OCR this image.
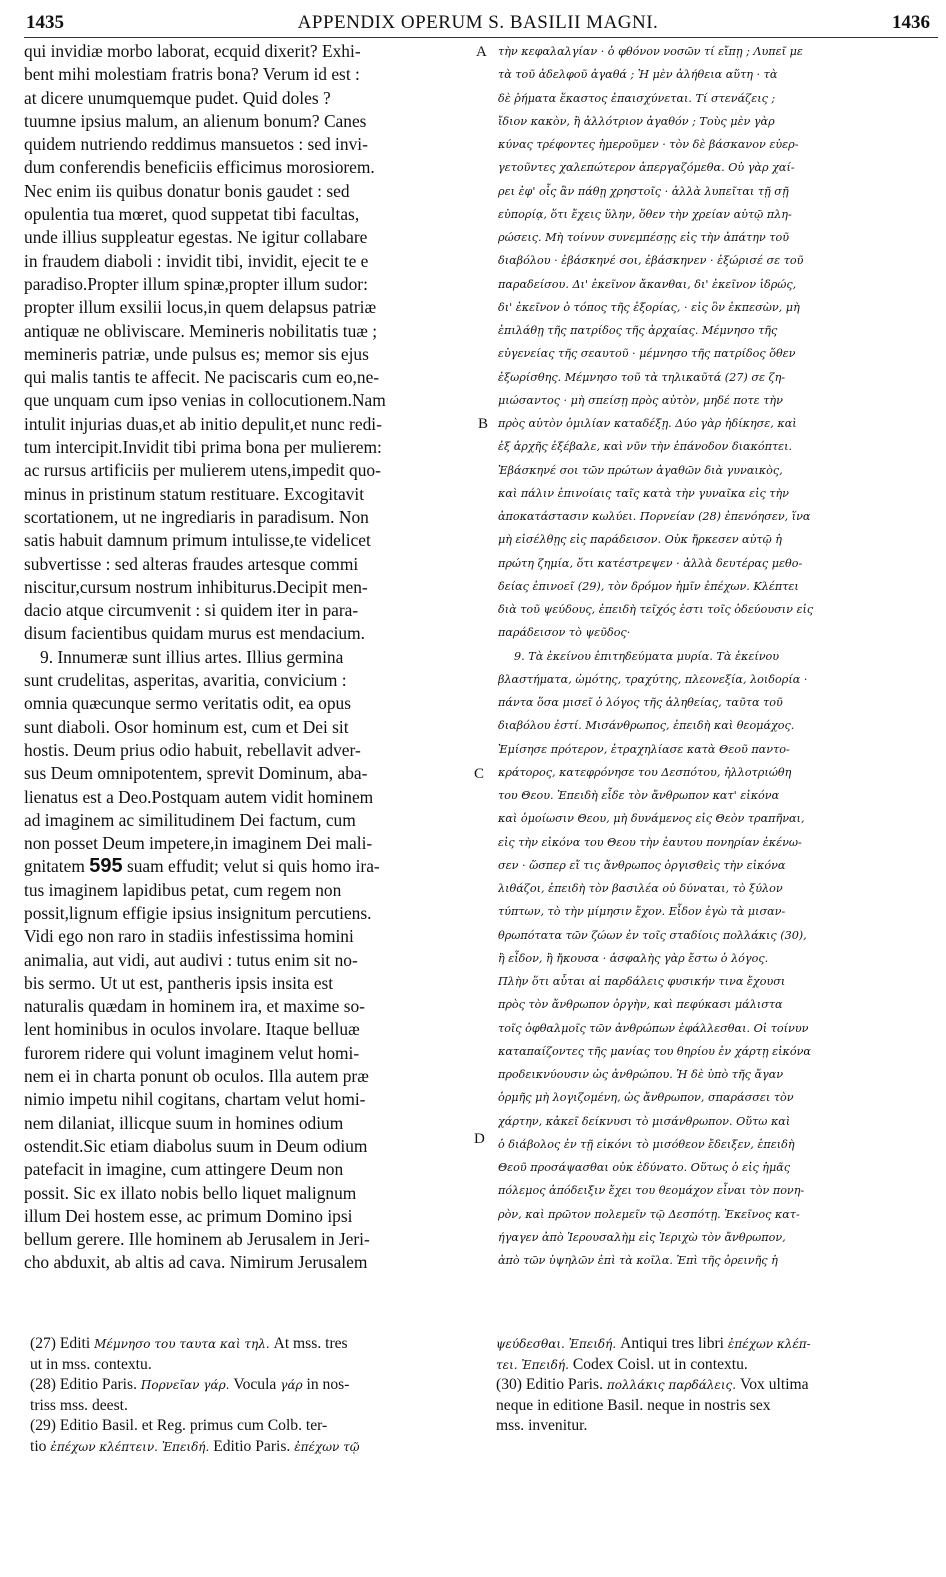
1435	APPENDIX OPERUM S. BASILII MAGNI.	1436
qui invidiæ morbo laborat, ecquid dixerit? Exhi-
bent mihi molestiam fratris bona? Verum id est :
at dicere unumquemque pudet. Quid doles ?
tuumne ipsius malum, an alienum bonum? Canes
quidem nutriendo reddimus mansuetos : sed invi-
dum conferendis beneficiis efficimus morosiorem.
Nec enim iis quibus donatur bonis gaudet : sed
opulentia tua mœret, quod suppetat tibi facultas,
unde illius suppleatur egestas. Ne igitur collabare
in fraudem diaboli : invidit tibi, invidit, ejecit te e
paradiso.Propter illum spinæ,propter illum sudor:
propter illum exsilii locus,in quem delapsus patriæ
antiquæ ne obliviscare. Memineris nobilitatis tuæ ;
memineris patriæ, unde pulsus es; memor sis ejus
qui malis tantis te affecit. Ne paciscaris cum eo,ne-
que unquam cum ipso venias in collocutionem.Nam
intulit injurias duas,et ab initio depulit,et nunc redi-
tum intercipit.Invidit tibi prima bona per mulierem:
ac rursus artificiis per mulierem utens,impedit quo-
minus in pristinum statum restituare. Excogitavit
scortationem, ut ne ingrediaris in paradisum. Non
satis habuit damnum primum intulisse,te videlicet
subvertisse : sed alteras fraudes artesque commi
niscitur,cursum nostrum inhibiturus.Decipit men-
dacio atque circumvenit : si quidem iter in para-
disum facientibus quidam murus est mendacium.
9. Innumeræ sunt illius artes. Illius germina
sunt crudelitas, asperitas, avaritia, convicium :
omnia quæcunque sermo veritatis odit, ea opus
sunt diaboli. Osor hominum est, cum et Dei sit
hostis. Deum prius odio habuit, rebellavit adver-
sus Deum omnipotentem, sprevit Dominum, aba-
lienatus est a Deo.Postquam autem vidit hominem
ad imaginem ac similitudinem Dei factum, cum
non posset Deum impetere,in imaginem Dei mali-
gnitatem 595 suam effudit; velut si quis homo ira-
tus imaginem lapidibus petat, cum regem non
possit,lignum effigie ipsius insignitum percutiens.
Vidi ego non raro in stadiis infestissima homini
animalia, aut vidi, aut audivi : tutus enim sit no-
bis sermo. Ut ut est, pantheris ipsis insita est
naturalis quædam in hominem ira, et maxime so-
lent hominibus in oculos involare. Itaque belluæ
furorem ridere qui volunt imaginem velut homi-
nem ei in charta ponunt ob oculos. Illa autem præ
nimio impetu nihil cogitans, chartam velut homi-
nem dilaniat, illicque suum in homines odium
ostendit.Sic etiam diabolus suum in Deum odium
patefacit in imagine, cum attingere Deum non
possit. Sic ex illato nobis bello liquet malignum
illum Dei hostem esse, ac primum Domino ipsi
bellum gerere. Ille hominem ab Jerusalem in Jeri-
cho abduxit, ab altis ad cava. Nimirum Jerusalem
A
B
C
D
τὴν κεφαλαλγίαν · ὁ φθόνον νοσῶν τί εἴπῃ ; Λυπεῖ με
τὰ τοῦ ἀδελφοῦ ἀγαθά ; Ἡ μὲν ἀλήθεια αὕτη · τὰ
δὲ ῥήματα ἕκαστος ἐπαισχύνεται. Τί στενάζεις ;
ἴδιον κακὸν, ἢ ἀλλότριον ἀγαθόν ; Τοὺς μὲν γὰρ
κύνας τρέφοντες ἡμεροῦμεν · τὸν δὲ βάσκανον εὐερ-
γετοῦντες χαλεπώτερον ἀπεργαζόμεθα. Οὐ γὰρ χαί-
ρει ἐφ' οἷς ἂν πάθῃ χρηστοῖς · ἀλλὰ λυπεῖται τῇ σῇ
εὐπορίᾳ, ὅτι ἔχεις ὕλην, ὅθεν τὴν χρείαν αὐτῷ πλη-
ρώσεις. Μὴ τοίνυν συνεμπέσῃς εἰς τὴν ἀπάτην τοῦ
διαβόλου · ἐβάσκηνέ σοι, ἐβάσκηνεν · ἐξώρισέ σε τοῦ
παραδείσου. Δι' ἐκεῖνον ἄκανθαι, δι' ἐκεῖνον ἱδρώς,
δι' ἐκεῖνον ὁ τόπος τῆς ἐξορίας, · εἰς ὃν ἐκπεσὼν, μὴ
ἐπιλάθῃ τῆς πατρίδος τῆς ἀρχαίας. Μέμνησο τῆς
εὐγενείας τῆς σεαυτοῦ · μέμνησο τῆς πατρίδος ὅθεν
ἐξωρίσθης. Μέμνησο τοῦ τὰ τηλικαῦτά (27) σε ζη-
μιώσαντος · μὴ σπείσῃ πρὸς αὐτὸν, μηδέ ποτε τὴν
πρὸς αὐτὸν ὁμιλίαν καταδέξῃ. Δύο γὰρ ἠδίκησε, καὶ
ἐξ ἀρχῆς ἐξέβαλε, καὶ νῦν τὴν ἐπάνοδον διακόπτει.
Ἐβάσκηνέ σοι τῶν πρώτων ἀγαθῶν διὰ γυναικὸς,
καὶ πάλιν ἐπινοίαις ταῖς κατὰ τὴν γυναῖκα εἰς τὴν
ἀποκατάστασιν κωλύει. Πορνείαν (28) ἐπενόησεν, ἵνα
μὴ εἰσέλθῃς εἰς παράδεισον. Οὐκ ἤρκεσεν αὐτῷ ἡ
πρώτη ζημία, ὅτι κατέστρεψεν · ἀλλὰ δευτέρας μεθο-
δείας ἐπινοεῖ (29), τὸν δρόμον ἡμῖν ἐπέχων. Κλέπτει
διὰ τοῦ ψεύδους, ἐπειδὴ τεῖχός ἐστι τοῖς ὁδεύουσιν εἰς
παράδεισον τὸ ψεῦδος·
9. Τὰ ἐκείνου ἐπιτηδεύματα μυρία. Τὰ ἐκείνου
βλαστήματα, ὠμότης, τραχύτης, πλεονεξία, λοιδορία ·
πάντα ὅσα μισεῖ ὁ λόγος τῆς ἀληθείας, ταῦτα τοῦ
διαβόλου ἐστί. Μισάνθρωπος, ἐπειδὴ καὶ θεομάχος.
Ἐμίσησε πρότερον, ἐτραχηλίασε κατὰ Θεοῦ παντο-
κράτορος, κατεφρόνησε του Δεσπότου, ἠλλοτριώθη
του Θεου. Ἐπειδὴ εἶδε τὸν ἄνθρωπον κατ' εἰκόνα
καὶ ὁμοίωσιν Θεου, μὴ δυνάμενος εἰς Θεὸν τραπῆναι,
εἰς τὴν εἰκόνα του Θεου τὴν ἑαυτου πονηρίαν ἐκένω-
σεν · ὥσπερ εἴ τις ἄνθρωπος ὀργισθεὶς τὴν εἰκόνα
λιθάζοι, ἐπειδὴ τὸν βασιλέα οὐ δύναται, τὸ ξύλον
τύπτων, τὸ τὴν μίμησιν ἔχον. Εἶδον ἐγὼ τὰ μισαν-
θρωπότατα τῶν ζώων ἐν τοῖς σταδίοις πολλάκις (30),
ἢ εἶδον, ἢ ἤκουσα · ἀσφαλὴς γὰρ ἔστω ὁ λόγος.
Πλὴν ὅτι αὗται αἱ παρδάλεις φυσικήν τινα ἔχουσι
πρὸς τὸν ἄνθρωπον ὀργὴν, καὶ πεφύκασι μάλιστα
τοῖς ὀφθαλμοῖς τῶν ἀνθρώπων ἐφάλλεσθαι. Οἱ τοίνυν
καταπαίζοντες τῆς μανίας του θηρίου ἐν χάρτῃ εἰκόνα
προδεικνύουσιν ὡς ἀνθρώπου. Ἡ δὲ ὑπὸ τῆς ἄγαν
ὁρμῆς μὴ λογιζομένη, ὡς ἄνθρωπον, σπαράσσει τὸν
χάρτην, κἀκεῖ δείκνυσι τὸ μισάνθρωπον. Οὕτω καὶ
ὁ διάβολος ἐν τῇ εἰκόνι τὸ μισόθεον ἔδειξεν, ἐπειδὴ
Θεοῦ προσάψασθαι οὐκ ἐδύνατο. Οὕτως ὁ εἰς ἡμᾶς
πόλεμος ἀπόδειξιν ἔχει του θεομάχον εἶναι τὸν πονη-
ρὸν, καὶ πρῶτον πολεμεῖν τῷ Δεσπότῃ. Ἐκεῖνος κατ-
ήγαγεν ἀπὸ Ἱερουσαλὴμ εἰς Ἱεριχὼ τὸν ἄνθρωπον,
ἀπὸ τῶν ὑψηλῶν ἐπὶ τὰ κοῖλα. Ἐπὶ τῆς ὀρεινῆς ἡ
(27) Editi Μέμνησο του ταυτα καὶ τηλ. At mss. tres
ut in mss. contextu.
(28) Editio Paris. Πορνεῖαν γάρ. Vocula γάρ in nos-
triss mss. deest.
(29) Editio Basil. et Reg. primus cum Colb. ter-
tio ἐπέχων κλέπτειν. Ἐπειδή. Editio Paris. ἐπέχων τῷ
ψεύδεσθαι. Ἐπειδή. Antiqui tres libri ἐπέχων κλέπ-
τει. Ἐπειδή. Codex Coisl. ut in contextu.
(30) Editio Paris. πολλάκις παρδάλεις. Vox ultima
neque in editione Basil. neque in nostris sex
mss. invenitur.
